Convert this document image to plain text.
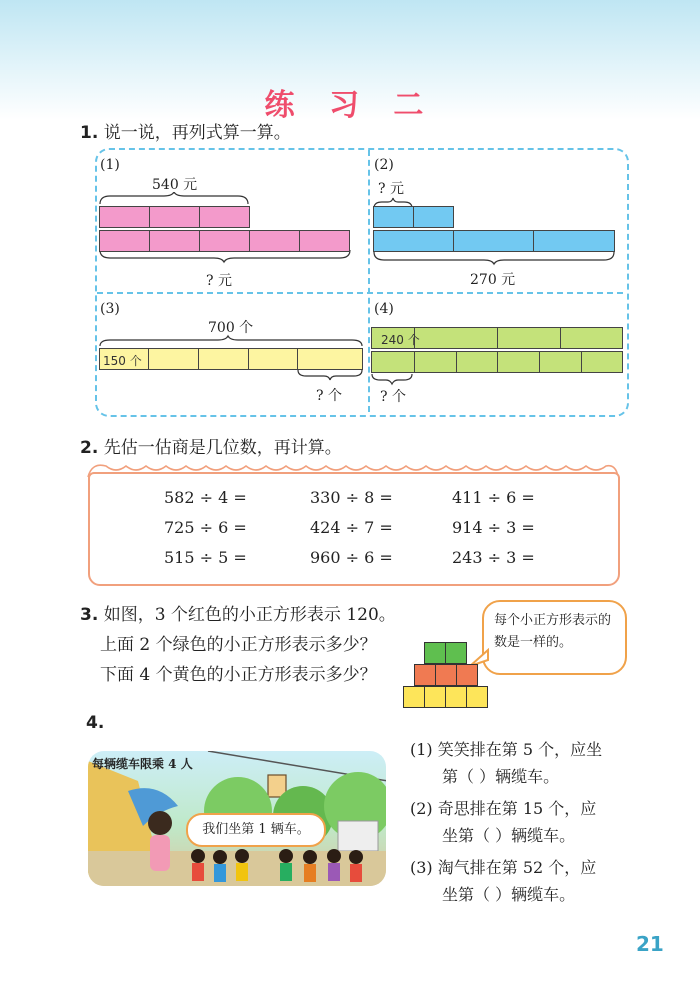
练 习 二
1. 说一说，再列式算一算。
(1)
540 元
? 元
(2)
? 元
270 元
(3)
700 个
150 个
? 个
(4)
240 个
? 个
2. 先估一估商是几位数，再计算。
582 ÷ 4 =	330 ÷ 8 =	411 ÷ 6 =
725 ÷ 6 =	424 ÷ 7 =	914 ÷ 3 =
515 ÷ 5 =	960 ÷ 6 =	243 ÷ 3 =
3. 如图，3 个红色的小正方形表示 120。
上面 2 个绿色的小正方形表示多少？
下面 4 个黄色的小正方形表示多少？
每个小正方形表示的数是一样的。
4.
每辆缆车限乘 4 人
我们坐第 1 辆车。
(1) 笑笑排在第 5 个，应坐
第（ ）辆缆车。
(2) 奇思排在第 15 个，应
坐第（ ）辆缆车。
(3) 淘气排在第 52 个，应
坐第（ ）辆缆车。
21
